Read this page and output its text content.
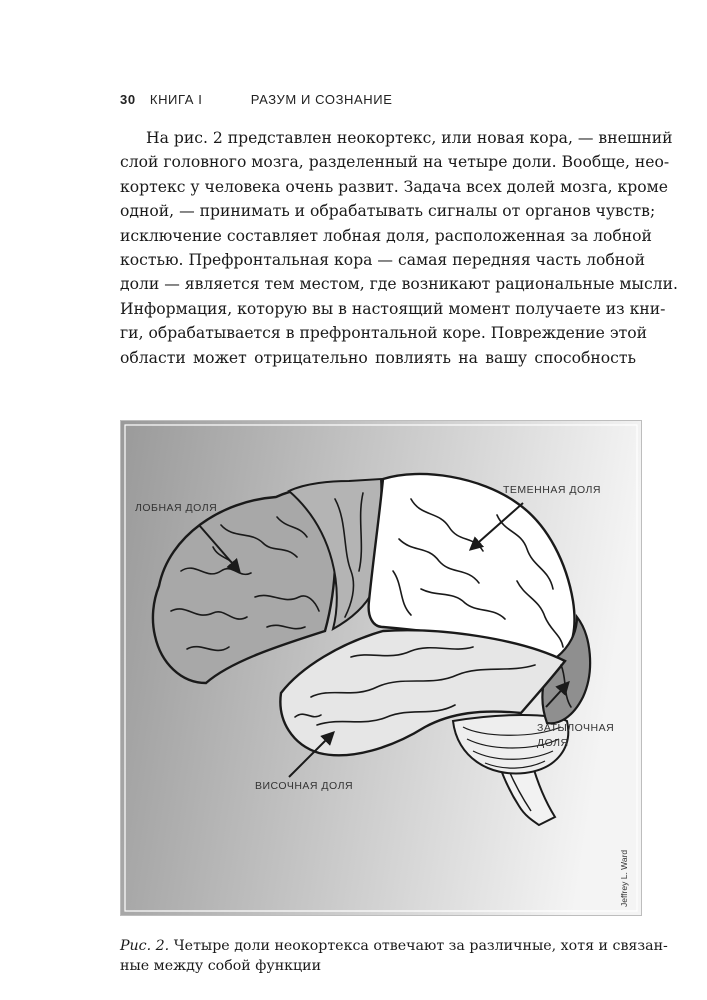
30 КНИГА I	РАЗУМ И СОЗНАНИЕ

На рис. 2 представлен неокортекс, или новая кора, — внешний
слой головного мозга, разделенный на четыре доли. Вообще, нео-
кортекс у человека очень развит. Задача всех долей мозга, кроме
одной, — принимать и обрабатывать сигналы от органов чувств;
исключение составляет лобная доля, расположенная за лобной
костью. Префронтальная кора — самая передняя часть лобной
доли — является тем местом, где возникают рациональные мысли.
Информация, которую вы в настоящий момент получаете из кни-
ги, обрабатывается в префронтальной коре. Повреждение этой
области может отрицательно повлиять на вашу способность

ЛОБНАЯ ДОЛЯ
ТЕМЕННАЯ ДОЛЯ
ЗАТЫЛОЧНАЯ
ДОЛЯ
ВИСОЧНАЯ ДОЛЯ
Jeffrey L. Ward
Рис. 2. Четыре доли неокортекса отвечают за различные, хотя и связан-
ные между собой функции
